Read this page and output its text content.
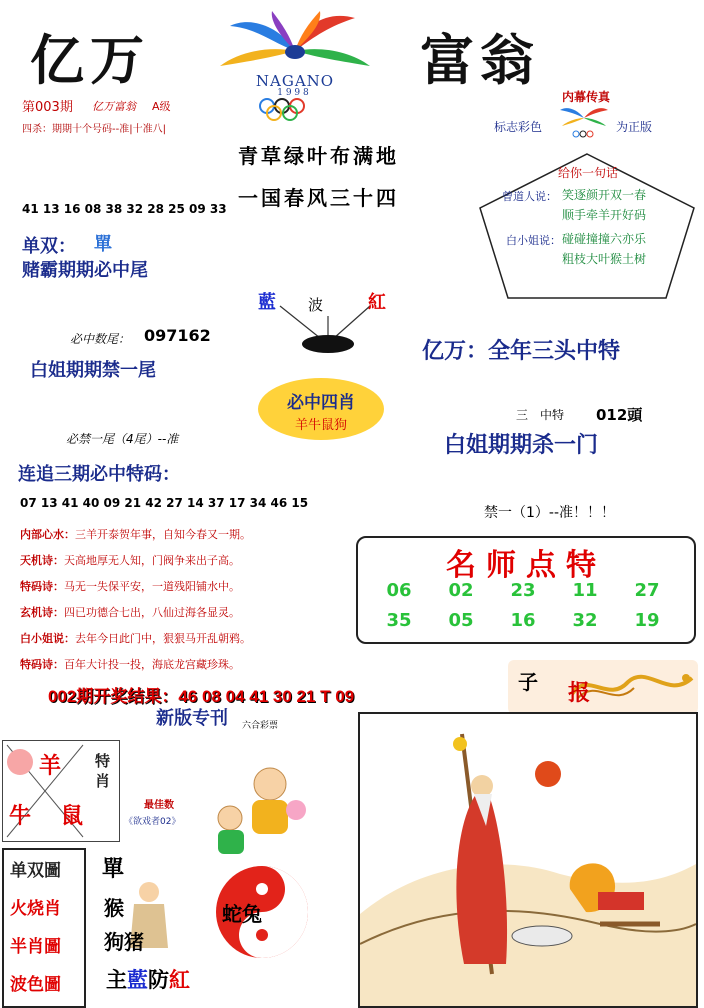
亿万	富翁
NAGANO
1 9 9 8
第003期 亿万富翁 A级
四杀：期期十个号码--准|十准八|
内幕传真
标志彩色	为正版
青草绿叶布满地
一国春风三十四
给你一句话
曾道人说： 笑逐颜开双一春
顺手牵羊开好码
白小姐说： 碰碰撞撞六亦乐
粗枝大叶猴土树
41 13 16 08 38 32 28 25 09 33
单双： 單
赌霸期期必中尾
藍 波 紅
必中数尾： 097162
白姐期期禁一尾
亿万：全年三头中特
必中四肖
羊牛鼠狗
三　中特 012頭
白姐期期杀一门
必禁一尾（4尾）--准
连追三期必中特码：
07 13 41 40 09 21 42 27 14 37 17 34 46 15
禁一（1）--准！！！
内部心水：三羊开泰贺年事，自知今春又一期。
天机诗：天高地厚无人知，门阀争来出子高。
特码诗：马无一失保平安，一道残阳铺水中。
玄机诗：四已功德合七出，八仙过海各显灵。
白小姐说：去年今日此门中，狠狠马开乱朝鸦。
特码诗：百年大计投一投，海底龙宫藏珍珠。
名师点特
06 02 23 11 27
35 05 16 32 19
002期开奖结果：46 08 04 41 30 21 T 09
新版专刊 六合彩票
子 报
羊
牛 鼠
特肖
最佳数
《欲戏者02》
单双圖
火烧肖
半肖圖
波色圖
單
猴
狗猪
主藍防紅
蛇兔
